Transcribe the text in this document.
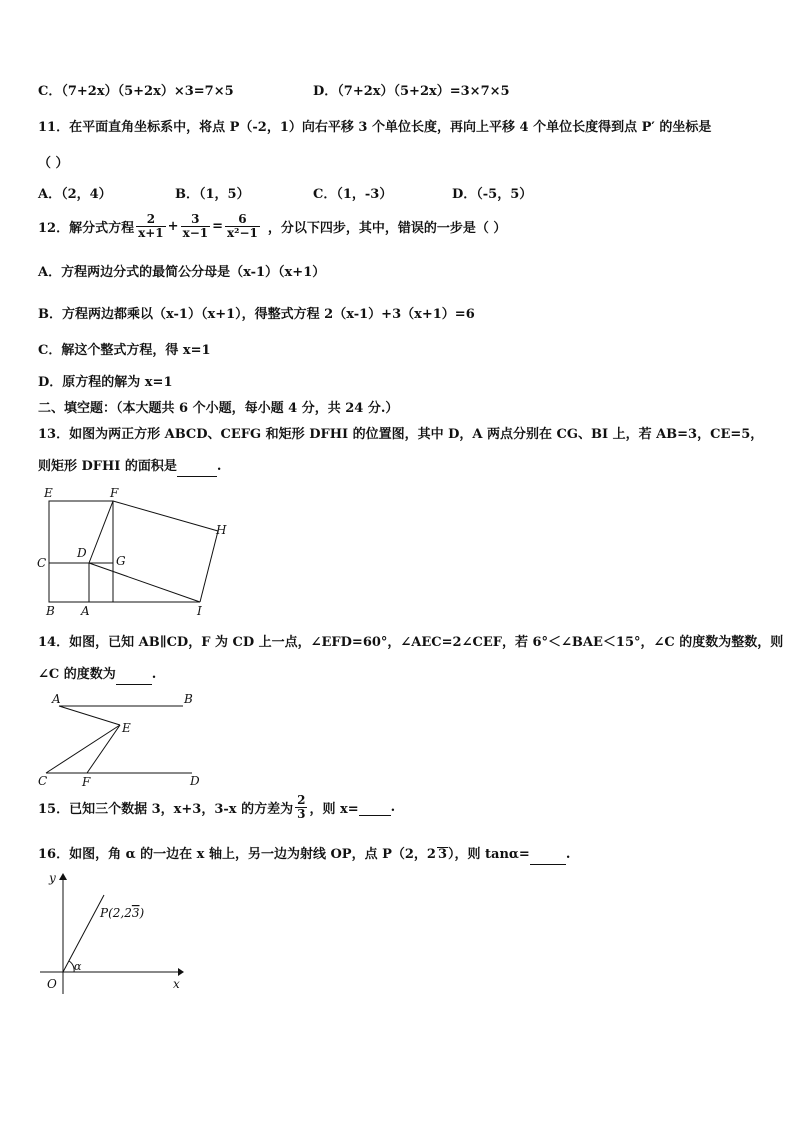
C．（7+2x）（5+2x）×3=7×5	D．（7+2x）（5+2x）=3×7×5
11．在平面直角坐标系中，将点 P（-2，1）向右平移 3 个单位长度，再向上平移 4 个单位长度得到点 P′ 的坐标是
（ ）
A．（2，4）	B．（1，5）	C．（1，-3）	D．（-5，5）
12．解分式方程 $\frac{2}{x+1} + \frac{3}{x-1} = \frac{6}{\text{x²−1}}$ ，分以下四步，其中，错误的一步是（ ）
A．方程两边分式的最简公分母是（x-1）（x+1）
B．方程两边都乘以（x-1）（x+1），得整式方程 2（x-1）+3（x+1）=6
C．解这个整式方程，得 x=1
D．原方程的解为 x=1
二、填空题：（本大题共 6 个小题，每小题 4 分，共 24 分.）
13．如图为两正方形 ABCD、CEFG 和矩形 DFHI 的位置图，其中 D，A 两点分别在 CG、BI 上，若 AB=3，CE=5，
则矩形 DFHI 的面积是	.
E	F
H
C
D
G
B A	I
14．如图，已知 AB∥CD，F 为 CD 上一点，∠EFD=60°，∠AEC=2∠CEF，若 6°＜∠BAE＜15°，∠C 的度数为整数，则
∠C 的度数为	.
A	B
E
C	F	D
15．已知三个数据 3，x+3，3-x 的方差为 $\frac{2}{3}$ ，则 x=
.
16．如图，角 α 的一边在 x 轴上，另一边为射线 OP，点 P（2，2 3），则 tanα=	.
y
x
O
α
P(2,23)
